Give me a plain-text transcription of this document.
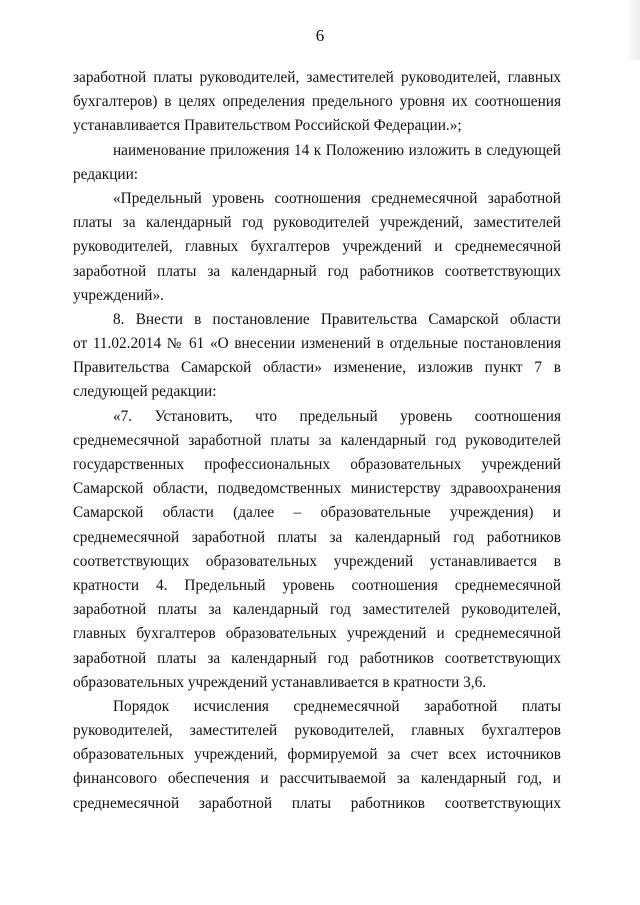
6
заработной платы руководителей, заместителей руководителей, главных
бухгалтеров) в целях определения предельного уровня их соотношения
устанавливается Правительством Российской Федерации.»;
наименование приложения 14 к Положению изложить в следующей
редакции:
«Предельный уровень соотношения среднемесячной заработной
платы за календарный год руководителей учреждений, заместителей
руководителей, главных бухгалтеров учреждений и среднемесячной
заработной платы за календарный год работников соответствующих
учреждений».
8. Внести в постановление Правительства Самарской области
от 11.02.2014 № 61 «О внесении изменений в отдельные постановления
Правительства Самарской области» изменение, изложив пункт 7 в
следующей редакции:
«7. Установить, что предельный уровень соотношения
среднемесячной заработной платы за календарный год руководителей
государственных профессиональных образовательных учреждений
Самарской области, подведомственных министерству здравоохранения
Самарской области (далее – образовательные учреждения) и
среднемесячной заработной платы за календарный год работников
соответствующих образовательных учреждений устанавливается в
кратности 4. Предельный уровень соотношения среднемесячной
заработной платы за календарный год заместителей руководителей,
главных бухгалтеров образовательных учреждений и среднемесячной
заработной платы за календарный год работников соответствующих
образовательных учреждений устанавливается в кратности 3,6.
Порядок исчисления среднемесячной заработной платы
руководителей, заместителей руководителей, главных бухгалтеров
образовательных учреждений, формируемой за счет всех источников
финансового обеспечения и рассчитываемой за календарный год, и
среднемесячной заработной платы работников соответствующих
